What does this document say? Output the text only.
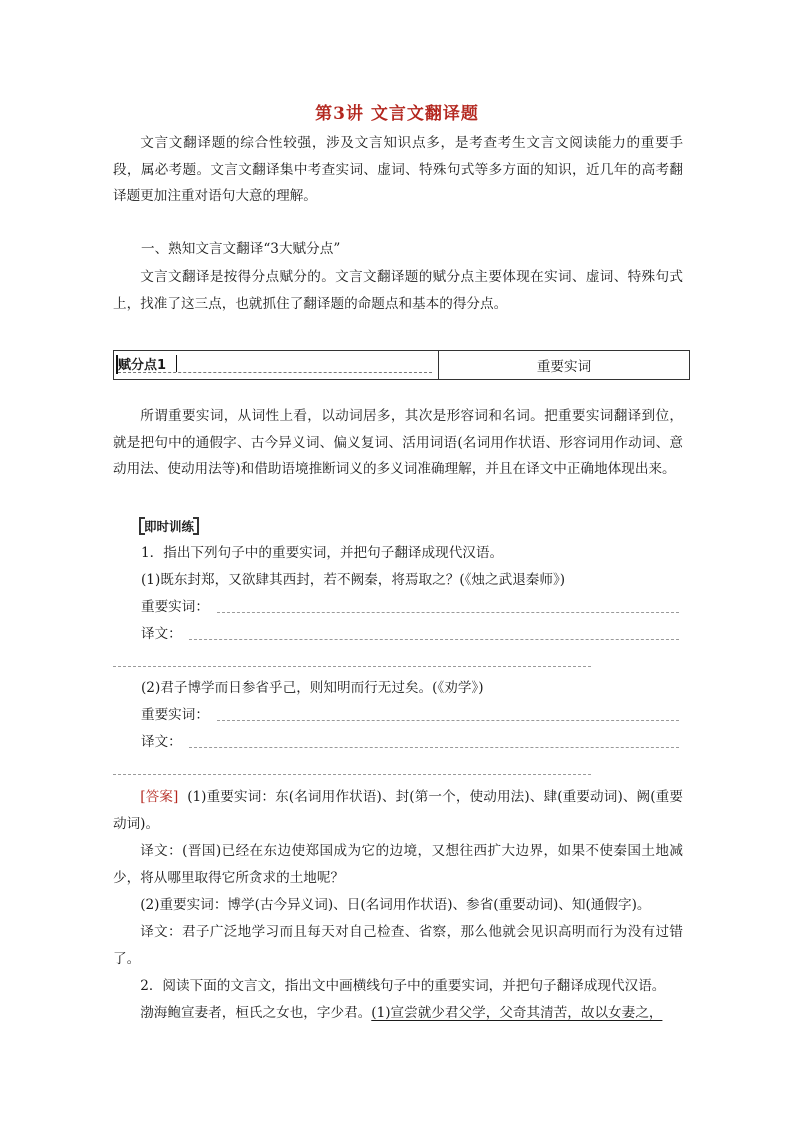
第3讲 文言文翻译题
文言文翻译题的综合性较强，涉及文言知识点多，是考查考生文言文阅读能力的重要手段，属必考题。文言文翻译集中考查实词、虚词、特殊句式等多方面的知识，近几年的高考翻译题更加注重对语句大意的理解。
一、熟知文言文翻译“3大赋分点”
文言文翻译是按得分点赋分的。文言文翻译题的赋分点主要体现在实词、虚词、特殊句式上，找准了这三点，也就抓住了翻译题的命题点和基本的得分点。
赋分点1	重要实词
所谓重要实词，从词性上看，以动词居多，其次是形容词和名词。把重要实词翻译到位，就是把句中的通假字、古今异义词、偏义复词、活用词语(名词用作状语、形容词用作动词、意动用法、使动用法等)和借助语境推断词义的多义词准确理解，并且在译文中正确地体现出来。
即时训练
1．指出下列句子中的重要实词，并把句子翻译成现代汉语。
(1)既东封郑，又欲肆其西封，若不阙秦，将焉取之？(《烛之武退秦师》)
重要实词：
译文：
(2)君子博学而日参省乎己，则知明而行无过矣。(《劝学》)
重要实词：
译文：
[答案] (1)重要实词：东(名词用作状语)、封(第一个，使动用法)、肆(重要动词)、阙(重要动词)。
译文：(晋国)已经在东边使郑国成为它的边境，又想往西扩大边界，如果不使秦国土地减少，将从哪里取得它所贪求的土地呢？
(2)重要实词：博学(古今异义词)、日(名词用作状语)、参省(重要动词)、知(通假字)。
译文：君子广泛地学习而且每天对自己检查、省察，那么他就会见识高明而行为没有过错了。
2．阅读下面的文言文，指出文中画横线句子中的重要实词，并把句子翻译成现代汉语。
渤海鲍宣妻者，桓氏之女也，字少君。(1)宣尝就少君父学，父奇其清苦，故以女妻之，
